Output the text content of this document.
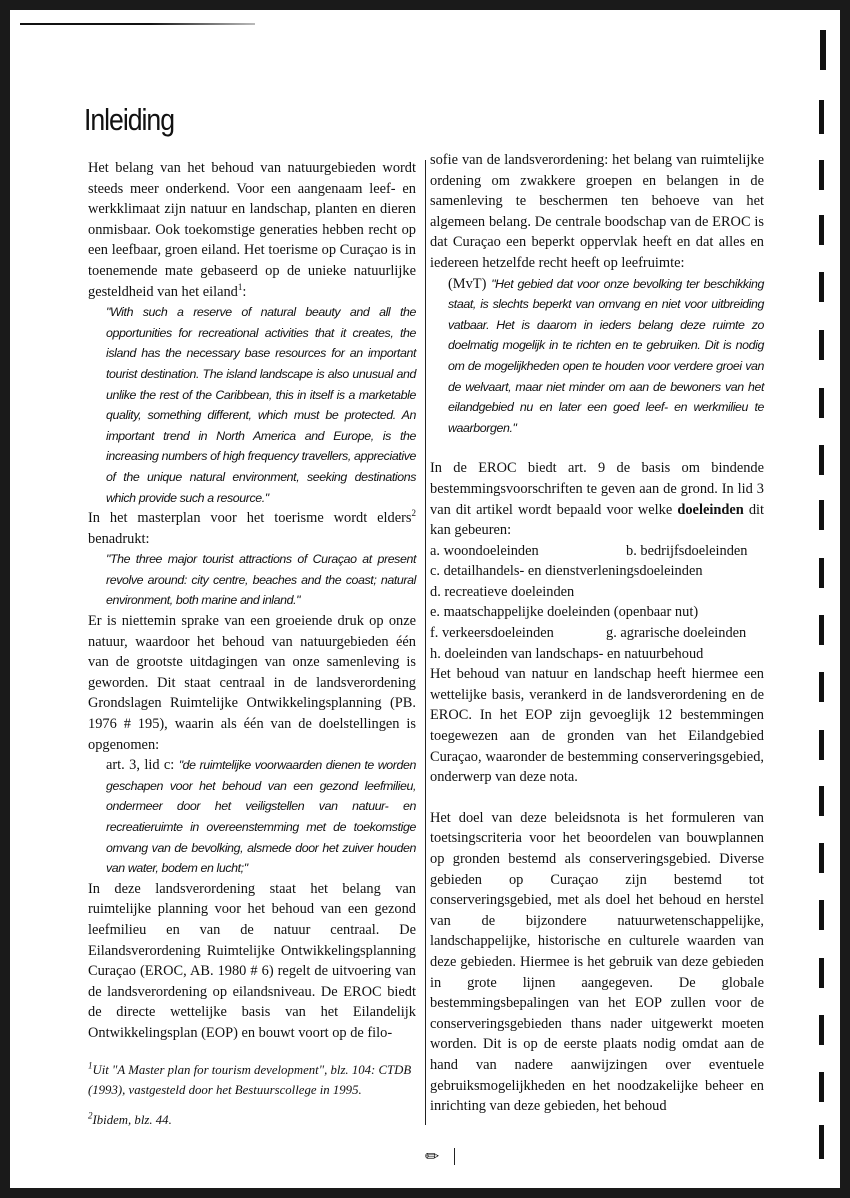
Inleiding

Het belang van het behoud van natuurgebieden wordt steeds meer onderkend. Voor een aangenaam leef- en werkklimaat zijn natuur en landschap, planten en dieren onmisbaar. Ook toekomstige generaties hebben recht op een leefbaar, groen eiland. Het toerisme op Curaçao is in toenemende mate gebaseerd op de unieke natuurlijke gesteldheid van het eiland$^1$:

"With such a reserve of natural beauty and all the opportunities for recreational activities that it creates, the island has the necessary base resources for an important tourist destination. The island landscape is also unusual and unlike the rest of the Caribbean, this in itself is a marketable quality, something different, which must be protected. An important trend in North America and Europe, is the increasing numbers of high frequency travellers, appreciative of the unique natural environment, seeking destinations which provide such a resource."

In het masterplan voor het toerisme wordt elders$^2$ benadrukt:

"The three major tourist attractions of Curaçao at present revolve around: city centre, beaches and the coast; natural environment, both marine and inland."

Er is niettemin sprake van een groeiende druk op onze natuur, waardoor het behoud van natuurgebieden één van de grootste uitdagingen van onze samenleving is geworden. Dit staat centraal in de landsverordening Grondslagen Ruimtelijke Ontwikkelingsplanning (PB. 1976 # 195), waarin als één van de doelstellingen is opgenomen:

art. 3, lid c: "de ruimtelijke voorwaarden dienen te worden geschapen voor het behoud van een gezond leefmilieu, ondermeer door het veiligstellen van natuur- en recreatieruimte in overeenstemming met de toekomstige omvang van de bevolking, alsmede door het zuiver houden van water, bodem en lucht;"

In deze landsverordening staat het belang van ruimtelijke planning voor het behoud van een gezond leefmilieu en van de natuur centraal. De Eilandsverordening Ruimtelijke Ontwikkelingsplanning Curaçao (EROC, AB. 1980 # 6) regelt de uitvoering van de landsverordening op eilandsniveau. De EROC biedt de directe wettelijke basis van het Eilandelijk Ontwikkelingsplan (EOP) en bouwt voort op de filo-

sofie van de landsverordening: het belang van ruimtelijke ordening om zwakkere groepen en belangen in de samenleving te beschermen ten behoeve van het algemeen belang. De centrale boodschap van de EROC is dat Curaçao een beperkt oppervlak heeft en dat alles en iedereen hetzelfde recht heeft op leefruimte:

(MvT) "Het gebied dat voor onze bevolking ter beschikking staat, is slechts beperkt van omvang en niet voor uitbreiding vatbaar. Het is daarom in ieders belang deze ruimte zo doelmatig mogelijk in te richten en te gebruiken. Dit is nodig om de mogelijkheden open te houden voor verdere groei van de welvaart, maar niet minder om aan de bewoners van het eilandgebied nu en later een goed leef- en werkmilieu te waarborgen."

In de EROC biedt art. 9 de basis om bindende bestemmingsvoorschriften te geven aan de grond. In lid 3 van dit artikel wordt bepaald voor welke doeleinden dit kan gebeuren:

a. woondoeleinden	b. bedrijfsdoeleinden
c. detailhandels- en dienstverleningsdoeleinden
d. recreatieve doeleinden
e. maatschappelijke doeleinden (openbaar nut)
f. verkeersdoeleinden	g. agrarische doeleinden
h. doeleinden van landschaps- en natuurbehoud

Het behoud van natuur en landschap heeft hiermee een wettelijke basis, verankerd in de landsverordening en de EROC. In het EOP zijn gevoeglijk 12 bestemmingen toegewezen aan de gronden van het Eilandgebied Curaçao, waaronder de bestemming conserveringsgebied, onderwerp van deze nota.

Het doel van deze beleidsnota is het formuleren van toetsingscriteria voor het beoordelen van bouwplannen op gronden bestemd als conserveringsgebied. Diverse gebieden op Curaçao zijn bestemd tot conserveringsgebied, met als doel het behoud en herstel van de bijzondere natuurwetenschappelijke, landschappelijke, historische en culturele waarden van deze gebieden. Hiermee is het gebruik van deze gebieden in grote lijnen aangegeven. De globale bestemmingsbepalingen van het EOP zullen voor de conserveringsgebieden thans nader uitgewerkt moeten worden. Dit is op de eerste plaats nodig omdat aan de hand van nadere aanwijzingen over eventuele gebruiksmogelijkheden en het noodzakelijke beheer en inrichting van deze gebieden, het behoud

$^1$Uit "A Master plan for tourism development", blz. 104: CTDB (1993), vastgesteld door het Bestuurscollege in 1995.

$^2$Ibidem, blz. 44.

✏
